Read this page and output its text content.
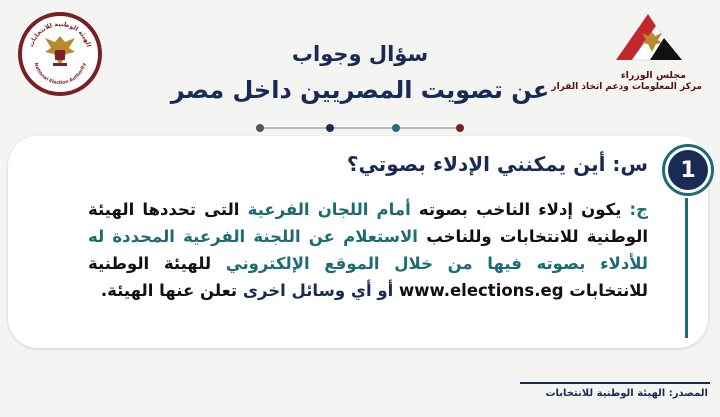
الهيئة الوطنية للانتخابات
National Election Authority
مجلس الوزراء
مركز المعلومات ودعم اتخاذ القرار
سؤال وجواب
عن تصويت المصريين داخل مصر
1
س: أين يمكنني الإدلاء بصوتي؟
ج: يكون إدلاء الناخب بصوته أمام اللجان الفرعية التى تحددها الهيئة الوطنية للانتخابات وللناخب الاستعلام عن اللجنة الفرعية المحددة له للأدلاء بصوته فيها من خلال الموقع الإلكتروني للهيئة الوطنية للانتخابات www.elections.eg أو أي وسائل اخرى تعلن عنها الهيئة.
المصدر: الهيئة الوطنية للانتخابات
